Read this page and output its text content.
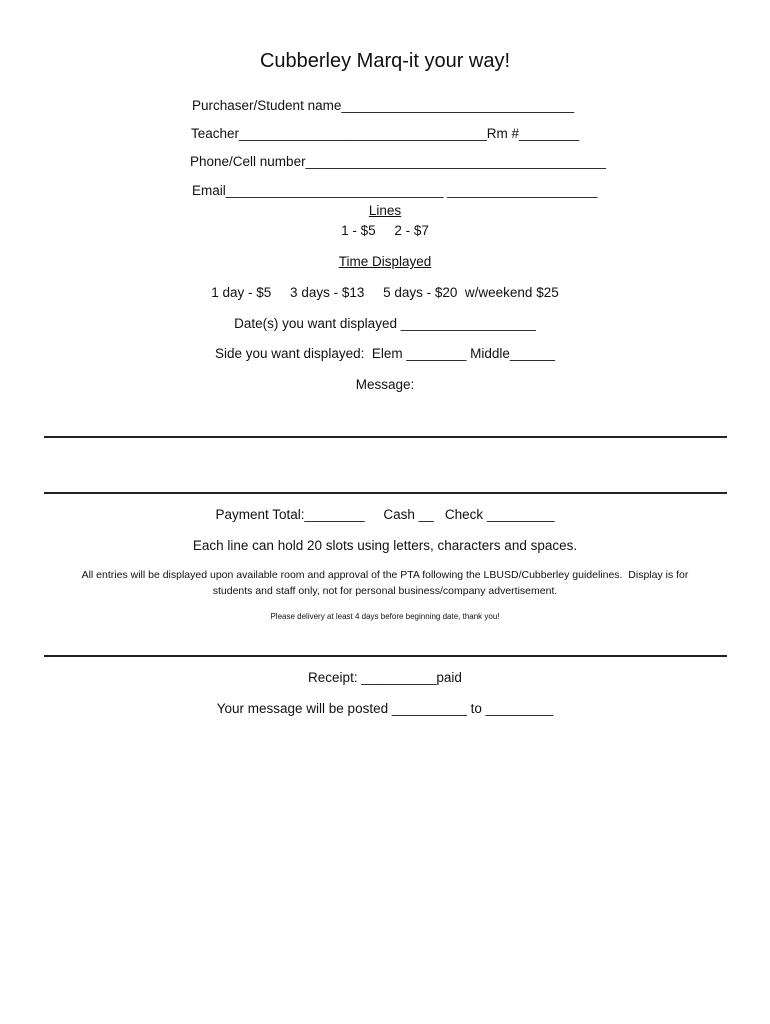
Cubberley Marq-it your way!
Purchaser/Student name_______________________________
Teacher_________________________________Rm #________
Phone/Cell number________________________________________
Email_____________________________ ____________________
Lines
1 - $5     2 - $7
Time Displayed
1 day - $5     3 days - $13     5 days - $20  w/weekend $25
Date(s) you want displayed __________________
Side you want displayed:  Elem ________ Middle______
Message:
Payment Total:________     Cash __   Check _________
Each line can hold 20 slots using letters, characters and spaces.
All entries will be displayed upon available room and approval of the PTA following the LBUSD/Cubberley guidelines.  Display is for
students and staff only, not for personal business/company advertisement.
Please delivery at least 4 days before beginning date, thank you!
Receipt: __________paid
Your message will be posted __________ to _________
